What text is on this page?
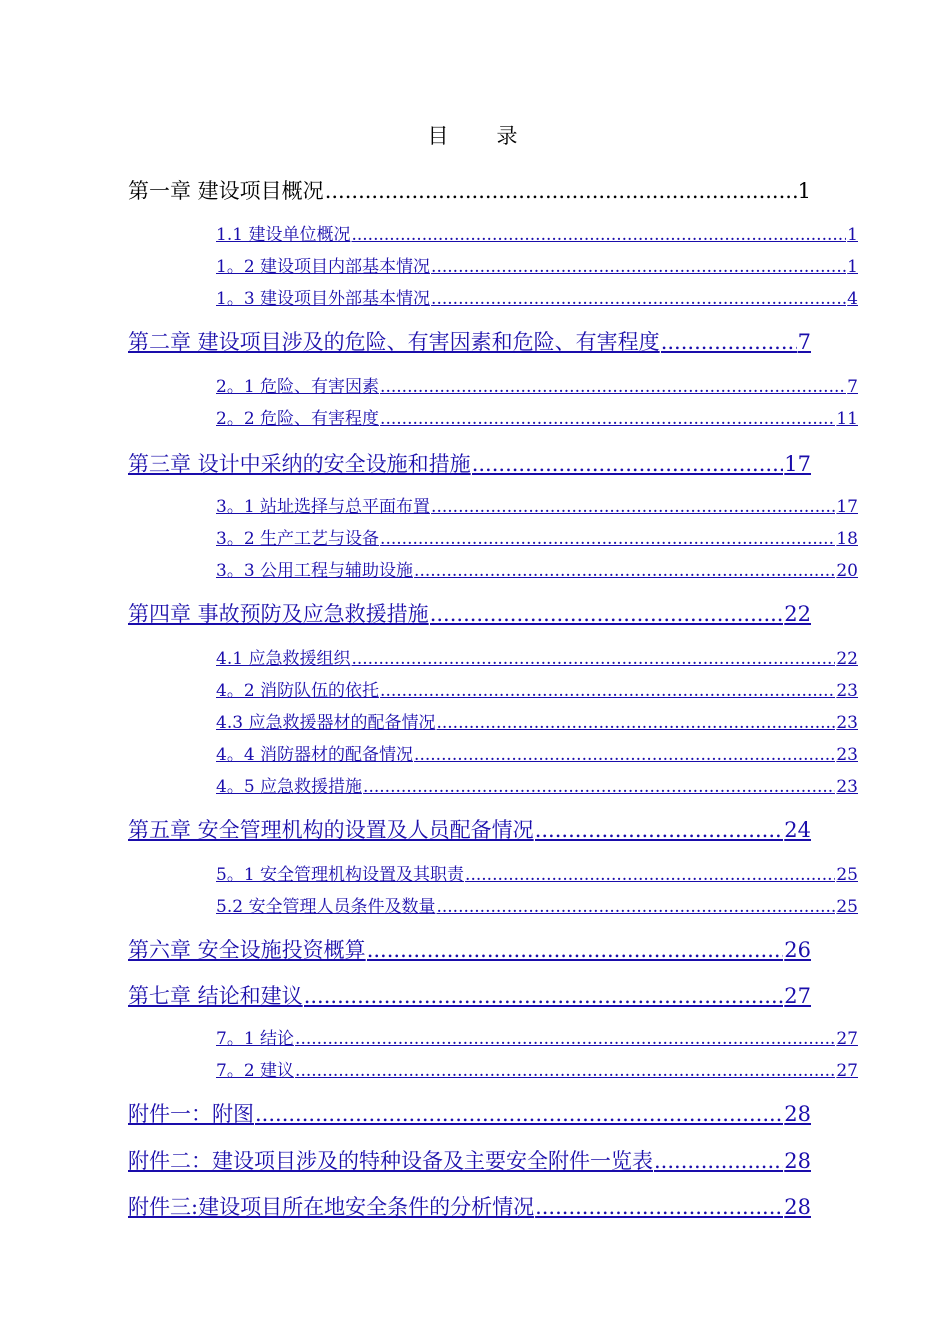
目 录
第一章 建设项目概况 .....	1
1.1 建设单位概况 .....	1
1。2 建设项目内部基本情况 .....	1
1。3 建设项目外部基本情况 .....	4
第二章 建设项目涉及的危险、有害因素和危险、有害程度 .....	7
2。1 危险、有害因素 .....	7
2。2 危险、有害程度 .....	11
第三章 设计中采纳的安全设施和措施 .....	17
3。1 站址选择与总平面布置 .....	17
3。2 生产工艺与设备 .....	18
3。3 公用工程与辅助设施 .....	20
第四章 事故预防及应急救援措施 .....	22
4.1 应急救援组织 .....	22
4。2 消防队伍的依托 .....	23
4.3 应急救援器材的配备情况 .....	23
4。4 消防器材的配备情况 .....	23
4。5 应急救援措施 .....	23
第五章 安全管理机构的设置及人员配备情况 .....	24
5。1 安全管理机构设置及其职责 .....	25
5.2 安全管理人员条件及数量 .....	25
第六章 安全设施投资概算 .....	26
第七章 结论和建议 .....	27
7。1 结论 .....	27
7。2 建议 .....	27
附件一：附图 .....	28
附件二：建设项目涉及的特种设备及主要安全附件一览表 .....	28
附件三:建设项目所在地安全条件的分析情况 .....	28
